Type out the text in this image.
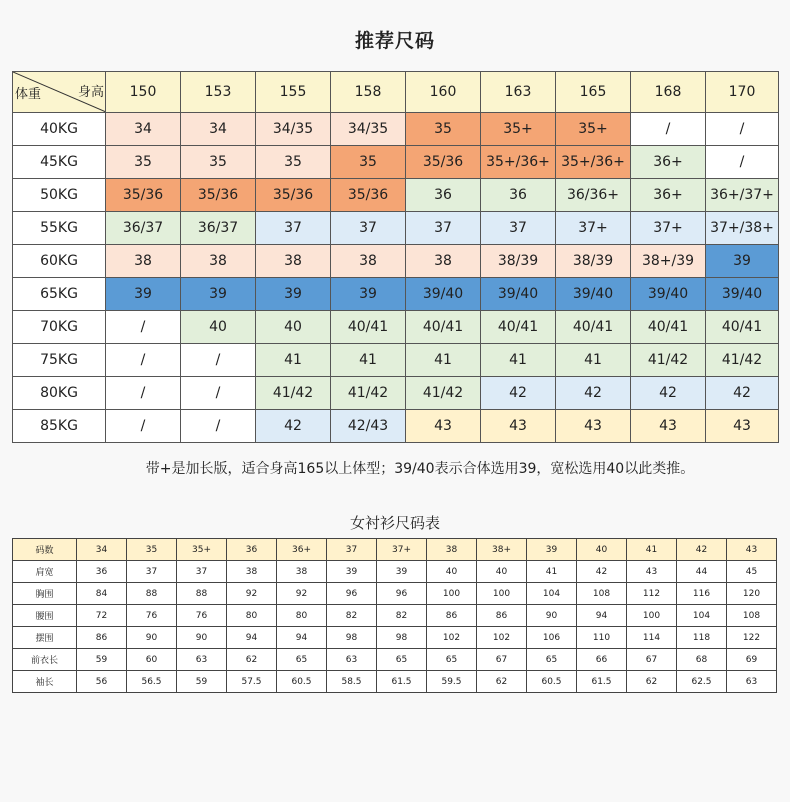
推荐尺码
体重 身高	150	153	155	158	160	163	165	168	170
40KG	34	34	34/35	34/35	35	35+	35+	/	/
45KG	35	35	35	35	35/36	35+/36+	35+/36+	36+	/
50KG	35/36	35/36	35/36	35/36	36	36	36/36+	36+	36+/37+
55KG	36/37	36/37	37	37	37	37	37+	37+	37+/38+
60KG	38	38	38	38	38	38/39	38/39	38+/39	39
65KG	39	39	39	39	39/40	39/40	39/40	39/40	39/40
70KG	/	40	40	40/41	40/41	40/41	40/41	40/41	40/41
75KG	/	/	41	41	41	41	41	41/42	41/42
80KG	/	/	41/42	41/42	41/42	42	42	42	42
85KG	/	/	42	42/43	43	43	43	43	43
带+是加长版，适合身高165以上体型；39/40表示合体选用39，宽松选用40以此类推。
女衬衫尺码表
码数	34	35	35+	36	36+	37	37+	38	38+	39	40	41	42	43
肩宽	36	37	37	38	38	39	39	40	40	41	42	43	44	45
胸围	84	88	88	92	92	96	96	100	100	104	108	112	116	120
腰围	72	76	76	80	80	82	82	86	86	90	94	100	104	108
摆围	86	90	90	94	94	98	98	102	102	106	110	114	118	122
前衣长	59	60	63	62	65	63	65	65	67	65	66	67	68	69
袖长	56	56.5	59	57.5	60.5	58.5	61.5	59.5	62	60.5	61.5	62	62.5	63
